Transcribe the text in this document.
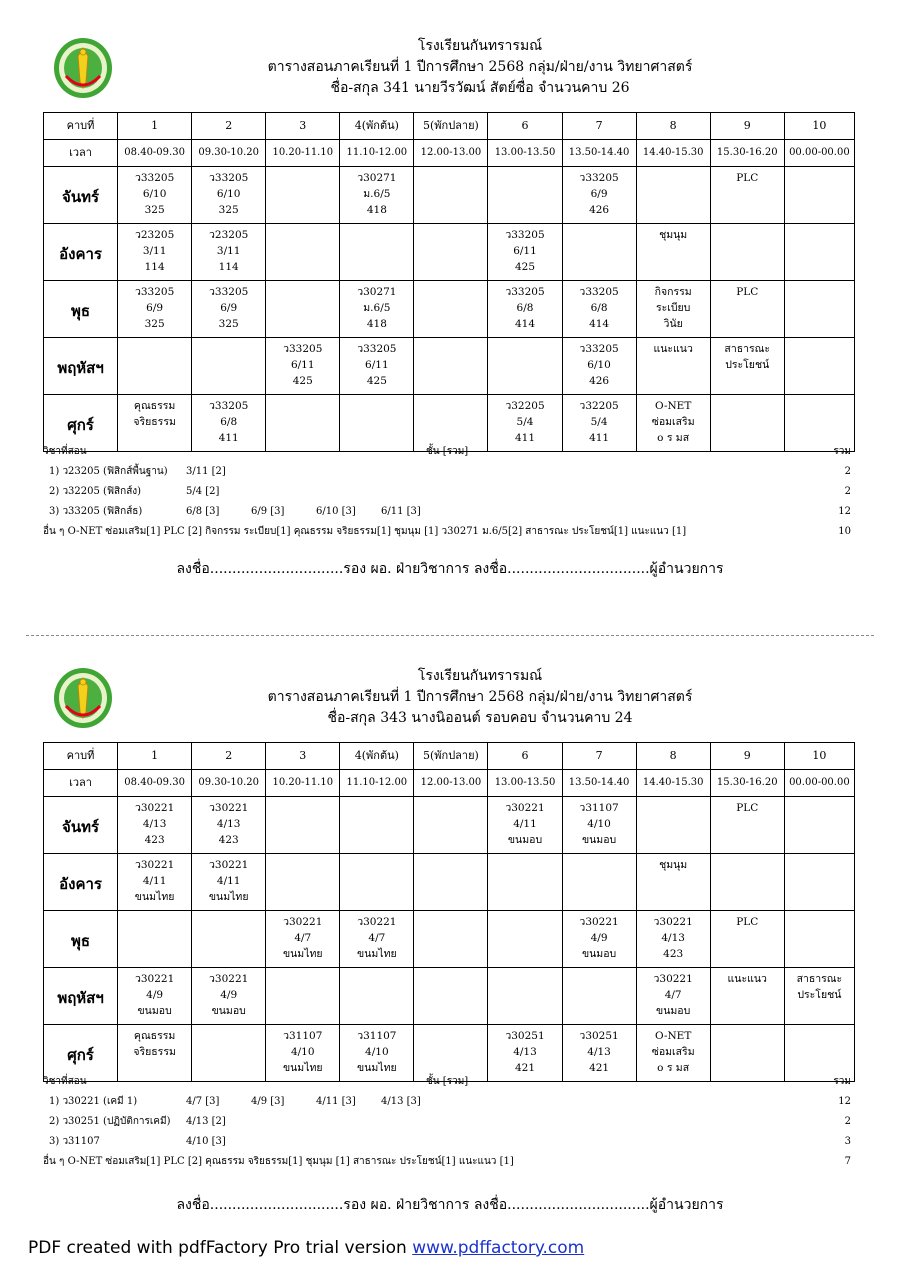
โรงเรียนกันทรารมณ์
ตารางสอนภาคเรียนที่ 1 ปีการศึกษา 2568 กลุ่ม/ฝ่าย/งาน วิทยาศาสตร์
ชื่อ-สกุล 341 นายวีรวัฒน์ สัตย์ซื่อ จำนวนคาบ 26
คาบที่	1	2	3	4(พักต้น)	5(พักปลาย)	6	7	8	9	10
เวลา	08.40-09.30	09.30-10.20	10.20-11.10	11.10-12.00	12.00-13.00	13.00-13.50	13.50-14.40	14.40-15.30	15.30-16.20	00.00-00.00
จันทร์	ว33205
6/10
325	ว33205
6/10
325		ว30271
ม.6/5
418			ว33205
6/9
426		PLC	

อังคาร	ว23205
3/11
114	ว23205
3/11
114				ว33205
6/11
425		ชุมนุม		

พุธ	ว33205
6/9
325	ว33205
6/9
325		ว30271
ม.6/5
418		ว33205
6/8
414	ว33205
6/8
414	กิจกรรม
ระเบียบ
วินัย	PLC	

พฤหัสฯ			ว33205
6/11
425	ว33205
6/11
425			ว33205
6/10
426	แนะแนว	สาธารณะ
ประโยชน์	

ศุกร์	คุณธรรม
จริยธรรม	ว33205
6/8
411				ว32205
5/4
411	ว32205
5/4
411	O-NET
ซ่อมเสริม
o ร มส		

วิชาที่สอน	ชั้น [รวม]	รวม
1) ว23205 (ฟิสิกส์พื้นฐาน) 3/11 [2]	2
2) ว32205 (ฟิสิกส์ง)	5/4 [2]	2
3) ว33205 (ฟิสิกส์ธ)	6/8 [3]	6/9 [3]	6/10 [3]	6/11 [3]	12
อื่น ๆ O-NET ซ่อมเสริม[1] PLC [2] กิจกรรม ระเบียบ[1] คุณธรรม จริยธรรม[1] ชุมนุม [1] ว30271 ม.6/5[2] สาธารณะ ประโยชน์[1] แนะแนว [1]	10
ลงชื่อ..............................รอง ผอ. ฝ่ายวิชาการ ลงชื่อ................................ผู้อำนวยการ
โรงเรียนกันทรารมณ์
ตารางสอนภาคเรียนที่ 1 ปีการศึกษา 2568 กลุ่ม/ฝ่าย/งาน วิทยาศาสตร์
ชื่อ-สกุล 343 นางนิออนต์ รอบคอบ จำนวนคาบ 24
คาบที่	1	2	3	4(พักต้น)	5(พักปลาย)	6	7	8	9	10
เวลา	08.40-09.30	09.30-10.20	10.20-11.10	11.10-12.00	12.00-13.00	13.00-13.50	13.50-14.40	14.40-15.30	15.30-16.20	00.00-00.00
จันทร์	ว30221
4/13
423	ว30221
4/13
423				ว30221
4/11
ขนมอบ	ว31107
4/10
ขนมอบ		PLC	

อังคาร	ว30221
4/11
ขนมไทย	ว30221
4/11
ขนมไทย						ชุมนุม		

พุธ			ว30221
4/7
ขนมไทย	ว30221
4/7
ขนมไทย			ว30221
4/9
ขนมอบ	ว30221
4/13
423	PLC	

พฤหัสฯ	ว30221
4/9
ขนมอบ	ว30221
4/9
ขนมอบ						ว30221
4/7
ขนมอบ	แนะแนว	สาธารณะ
ประโยชน์

ศุกร์	คุณธรรม
จริยธรรม		ว31107
4/10
ขนมไทย	ว31107
4/10
ขนมไทย		ว30251
4/13
421	ว30251
4/13
421	O-NET
ซ่อมเสริม
o ร มส		

วิชาที่สอน	ชั้น [รวม]	รวม
1) ว30221 (เคมี 1)	4/7 [3]	4/9 [3]	4/11 [3]	4/13 [3]	12
2) ว30251 (ปฏิบัติการเคมี) 4/13 [2]	2
3) ว31107	4/10 [3]	3
อื่น ๆ O-NET ซ่อมเสริม[1] PLC [2] คุณธรรม จริยธรรม[1] ชุมนุม [1] สาธารณะ ประโยชน์[1] แนะแนว [1]	7
ลงชื่อ..............................รอง ผอ. ฝ่ายวิชาการ ลงชื่อ................................ผู้อำนวยการ
PDF created with pdfFactory Pro trial version www.pdffactory.com
